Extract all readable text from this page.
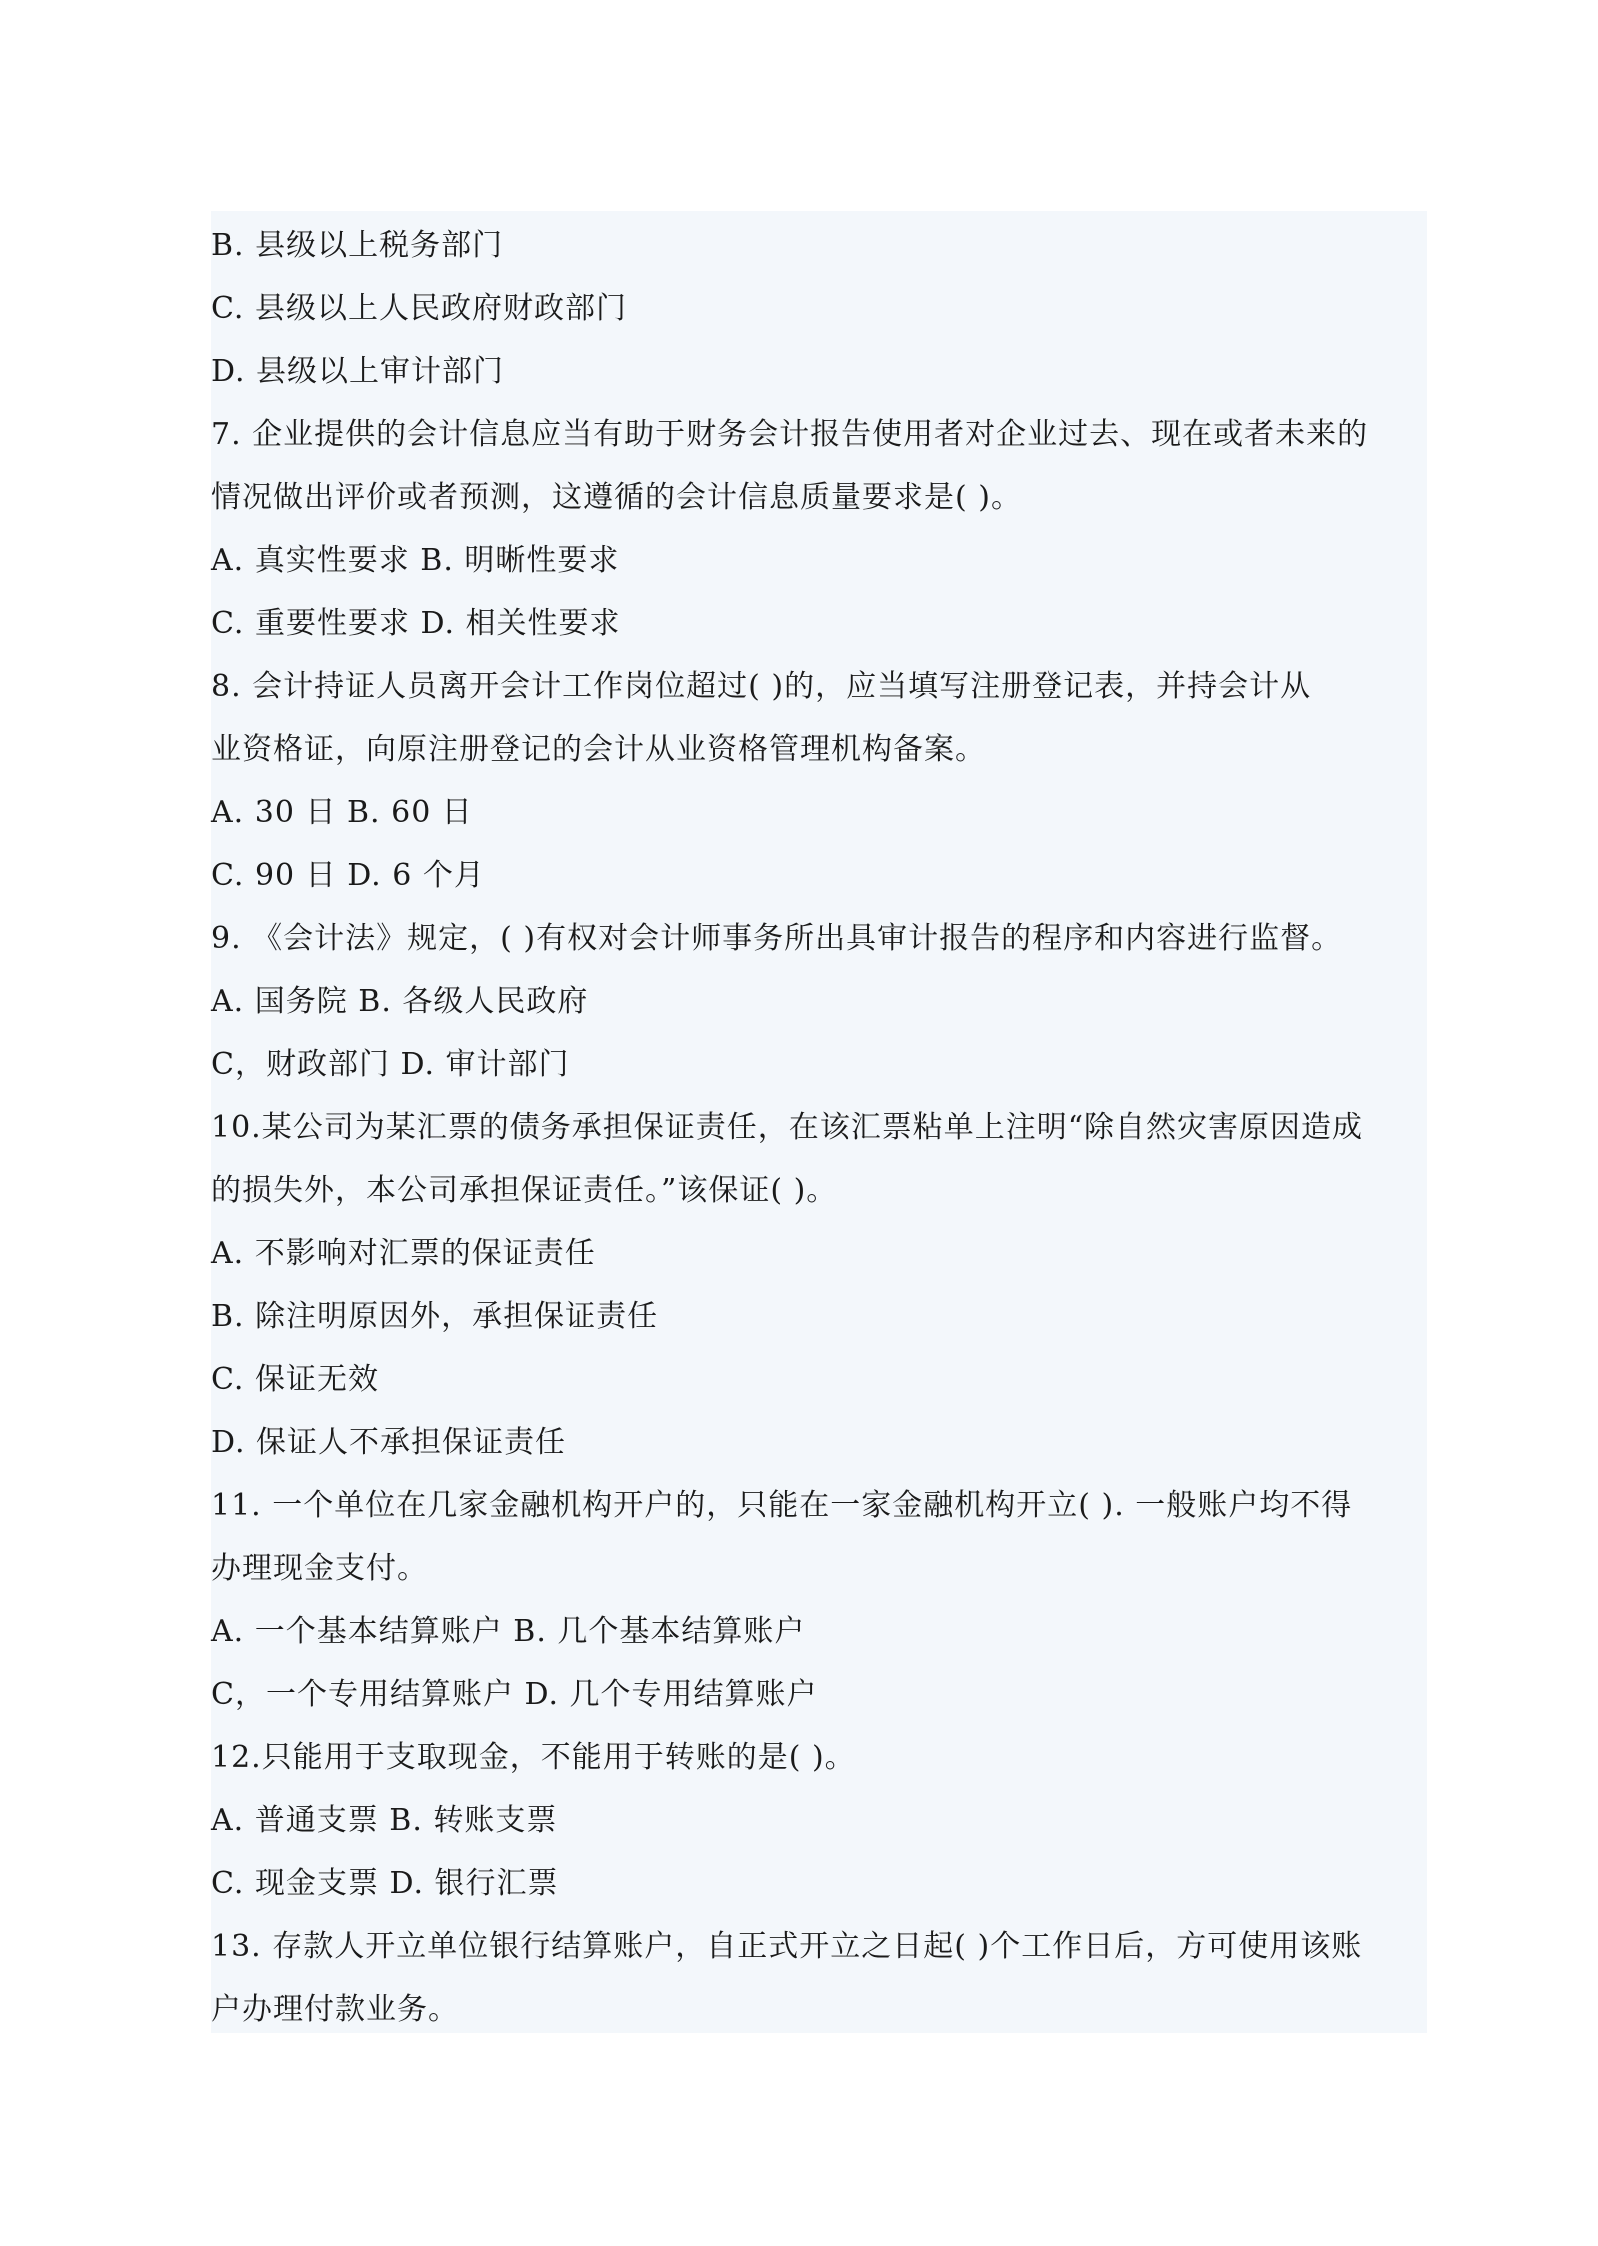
B. 县级以上税务部门
C. 县级以上人民政府财政部门
D. 县级以上审计部门
7. 企业提供的会计信息应当有助于财务会计报告使用者对企业过去、现在或者未来的
情况做出评价或者预测，这遵循的会计信息质量要求是( )。
A. 真实性要求 B. 明晰性要求
C. 重要性要求 D. 相关性要求
8. 会计持证人员离开会计工作岗位超过( )的，应当填写注册登记表，并持会计从
业资格证，向原注册登记的会计从业资格管理机构备案。
A. 30 日 B. 60 日
C. 90 日 D. 6 个月
9. 《会计法》规定，( )有权对会计师事务所出具审计报告的程序和内容进行监督。
A. 国务院 B. 各级人民政府
C，财政部门 D. 审计部门
10.某公司为某汇票的债务承担保证责任，在该汇票粘单上注明“除自然灾害原因造成
的损失外，本公司承担保证责任。”该保证( )。
A. 不影响对汇票的保证责任
B. 除注明原因外，承担保证责任
C. 保证无效
D. 保证人不承担保证责任
11. 一个单位在几家金融机构开户的，只能在一家金融机构开立( ). 一般账户均不得
办理现金支付。
A. 一个基本结算账户 B. 几个基本结算账户
C，一个专用结算账户 D. 几个专用结算账户
12.只能用于支取现金，不能用于转账的是( )。
A. 普通支票 B. 转账支票
C. 现金支票 D. 银行汇票
13. 存款人开立单位银行结算账户，自正式开立之日起( )个工作日后，方可使用该账
户办理付款业务。
